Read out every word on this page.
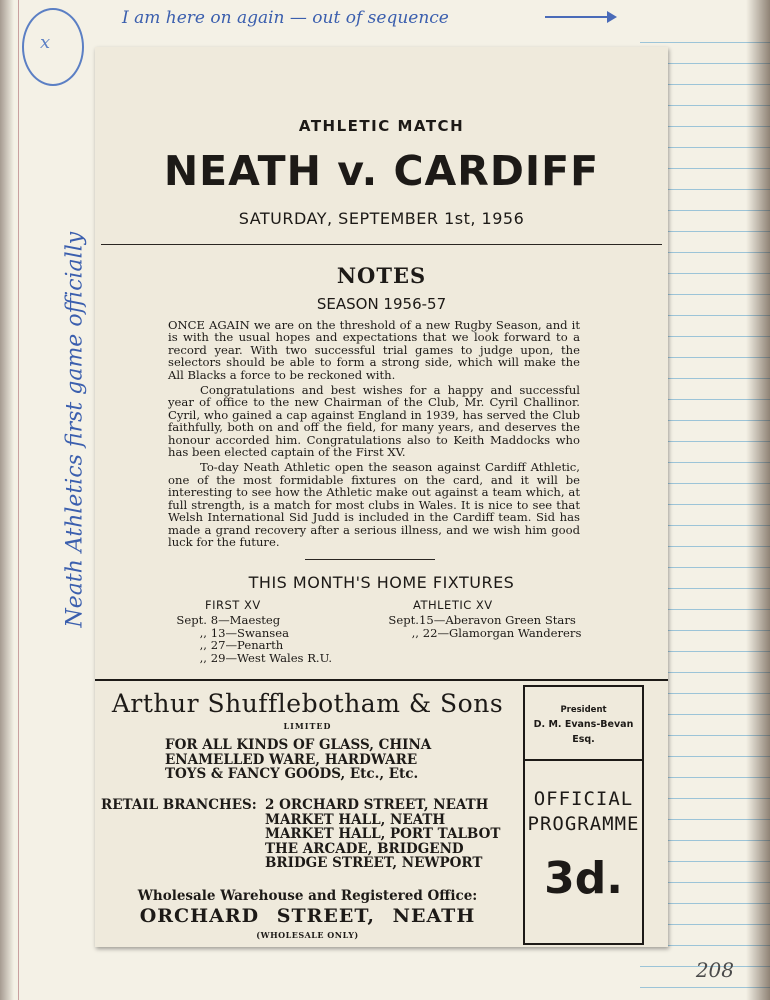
x
I am here on again — out of sequence
Neath Athletics first game officially
208
ATHLETIC MATCH
NEATH v. CARDIFF
SATURDAY, SEPTEMBER 1st, 1956
NOTES
SEASON 1956-57

ONCE AGAIN we are on the threshold of a new Rugby Season, and it is with the usual hopes and expectations that we look forward to a record year. With two successful trial games to judge upon, the selectors should be able to form a strong side, which will make the All Blacks a force to be reckoned with.

Congratulations and best wishes for a happy and successful year of office to the new Chairman of the Club, Mr. Cyril Challinor. Cyril, who gained a cap against England in 1939, has served the Club faithfully, both on and off the field, for many years, and deserves the honour accorded him. Congratulations also to Keith Maddocks who has been elected captain of the First XV.

To-day Neath Athletic open the season against Cardiff Athletic, one of the most formidable fixtures on the card, and it will be interesting to see how the Athletic make out against a team which, at full strength, is a match for most clubs in Wales. It is nice to see that Welsh International Sid Judd is included in the Cardiff team. Sid has made a grand recovery after a serious illness, and we wish him good luck for the future.

THIS MONTH'S HOME FIXTURES
FIRST XV
Sept. 8—Maesteg
,, 13—Swansea
,, 27—Penarth
,, 29—West Wales R.U.
ATHLETIC XV
Sept.15—Aberavon Green Stars
,, 22—Glamorgan Wanderers
Arthur Shufflebotham & Sons
LIMITED
FOR ALL KINDS OF GLASS, CHINA
ENAMELLED WARE, HARDWARE
TOYS & FANCY GOODS, Etc., Etc.
RETAIL BRANCHES: 2 ORCHARD STREET, NEATH
MARKET HALL, NEATH
MARKET HALL, PORT TALBOT
THE ARCADE, BRIDGEND
BRIDGE STREET, NEWPORT
Wholesale Warehouse and Registered Office:
ORCHARD STREET, NEATH
(WHOLESALE ONLY)
President
D. M. Evans-Bevan
Esq.
OFFICIAL
PROGRAMME
3d.
